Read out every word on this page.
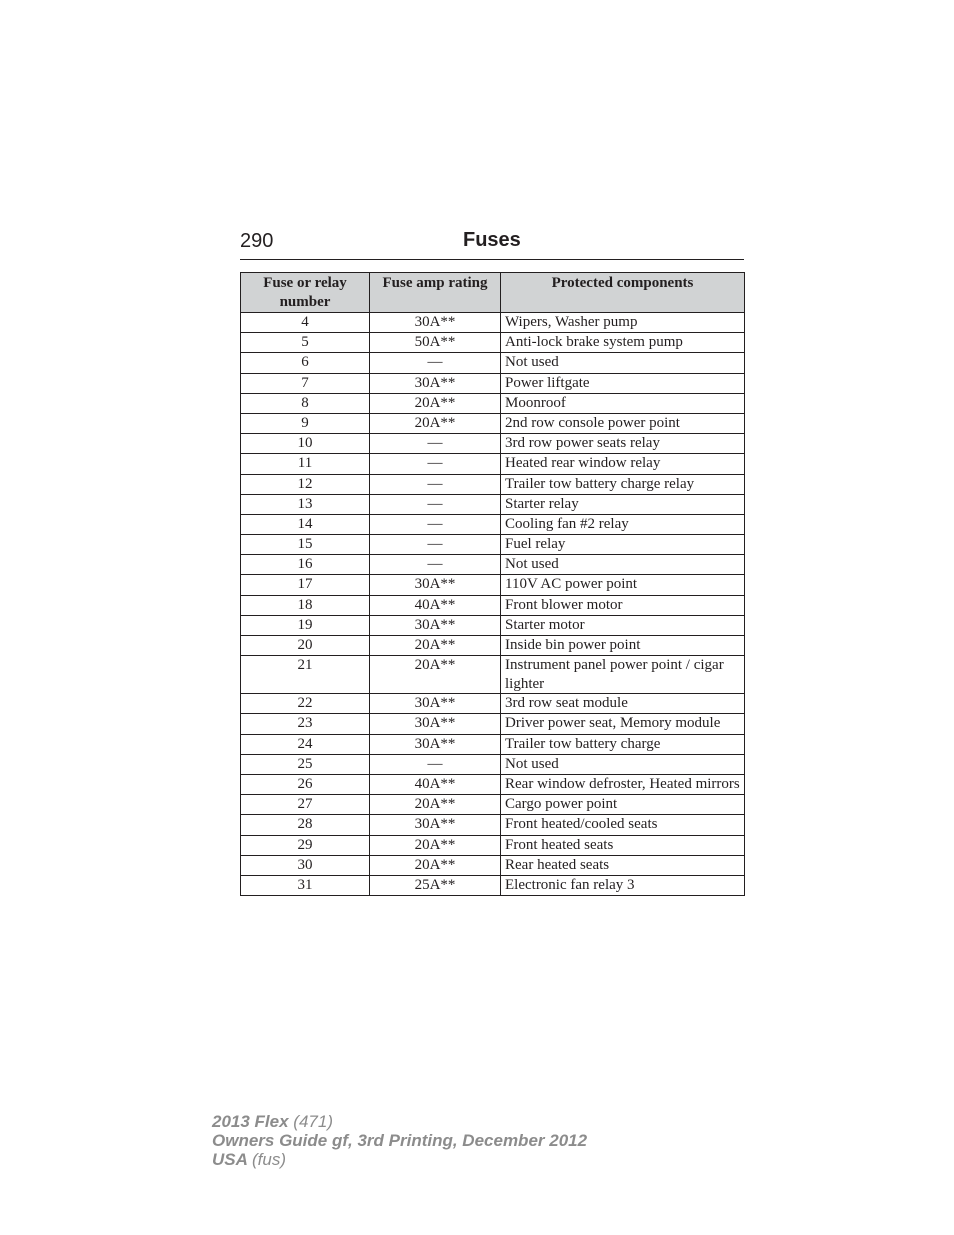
290	Fuses
Fuse or relay number	Fuse amp rating	Protected components
4	30A**	Wipers, Washer pump
5	50A**	Anti-lock brake system pump
6	—	Not used
7	30A**	Power liftgate
8	20A**	Moonroof
9	20A**	2nd row console power point
10	—	3rd row power seats relay
11	—	Heated rear window relay
12	—	Trailer tow battery charge relay
13	—	Starter relay
14	—	Cooling fan #2 relay
15	—	Fuel relay
16	—	Not used
17	30A**	110V AC power point
18	40A**	Front blower motor
19	30A**	Starter motor
20	20A**	Inside bin power point
21	20A**	Instrument panel power point / cigar lighter
22	30A**	3rd row seat module
23	30A**	Driver power seat, Memory module
24	30A**	Trailer tow battery charge
25	—	Not used
26	40A**	Rear window defroster, Heated mirrors
27	20A**	Cargo power point
28	30A**	Front heated/cooled seats
29	20A**	Front heated seats
30	20A**	Rear heated seats
31	25A**	Electronic fan relay 3
2013 Flex (471)
Owners Guide gf, 3rd Printing, December 2012
USA (fus)
